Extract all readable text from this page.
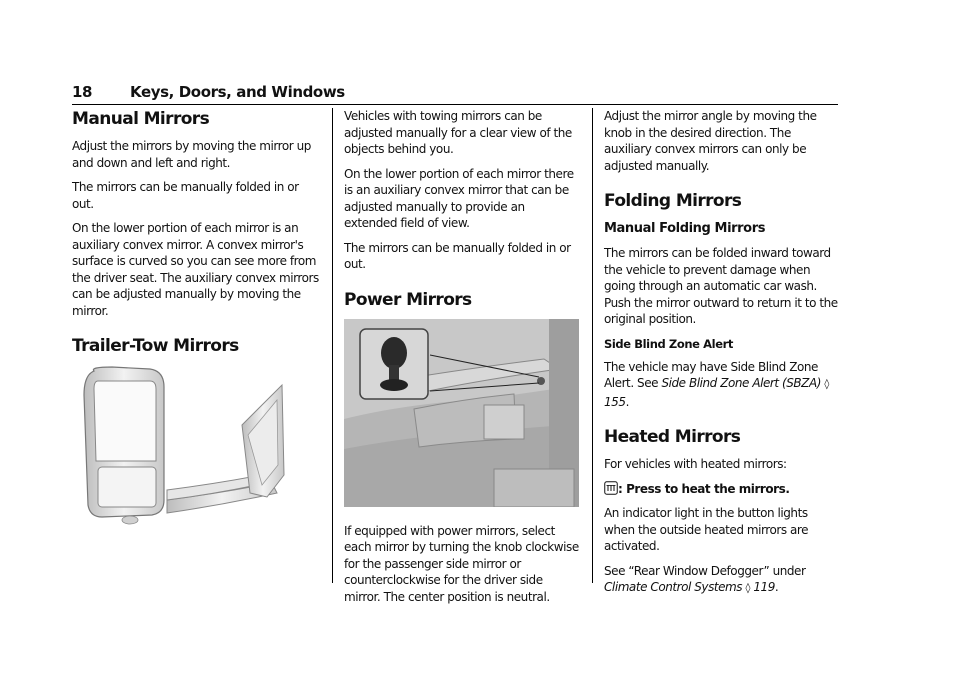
18	Keys, Doors, and Windows
Manual Mirrors

Adjust the mirrors by moving the mirror up and down and left and right.

The mirrors can be manually folded in or out.

On the lower portion of each mirror is an auxiliary convex mirror. A convex mirror's surface is curved so you can see more from the driver seat. The auxiliary convex mirrors can be adjusted manually by moving the mirror.

Trailer-Tow Mirrors

Vehicles with towing mirrors can be adjusted manually for a clear view of the objects behind you.

On the lower portion of each mirror there is an auxiliary convex mirror that can be adjusted manually to provide an extended field of view.

The mirrors can be manually folded in or out.

Power Mirrors

If equipped with power mirrors, select each mirror by turning the knob clockwise for the passenger side mirror or counterclockwise for the driver side mirror. The center position is neutral.

Adjust the mirror angle by moving the knob in the desired direction. The auxiliary convex mirrors can only be adjusted manually.

Folding Mirrors
Manual Folding Mirrors

The mirrors can be folded inward toward the vehicle to prevent damage when going through an automatic car wash. Push the mirror outward to return it to the original position.

Side Blind Zone Alert

The vehicle may have Side Blind Zone Alert. See Side Blind Zone Alert (SBZA) ◊ 155.

Heated Mirrors

For vehicles with heated mirrors:

: Press to heat the mirrors.

An indicator light in the button lights when the outside heated mirrors are activated.

See “Rear Window Defogger” under Climate Control Systems ◊ 119.
